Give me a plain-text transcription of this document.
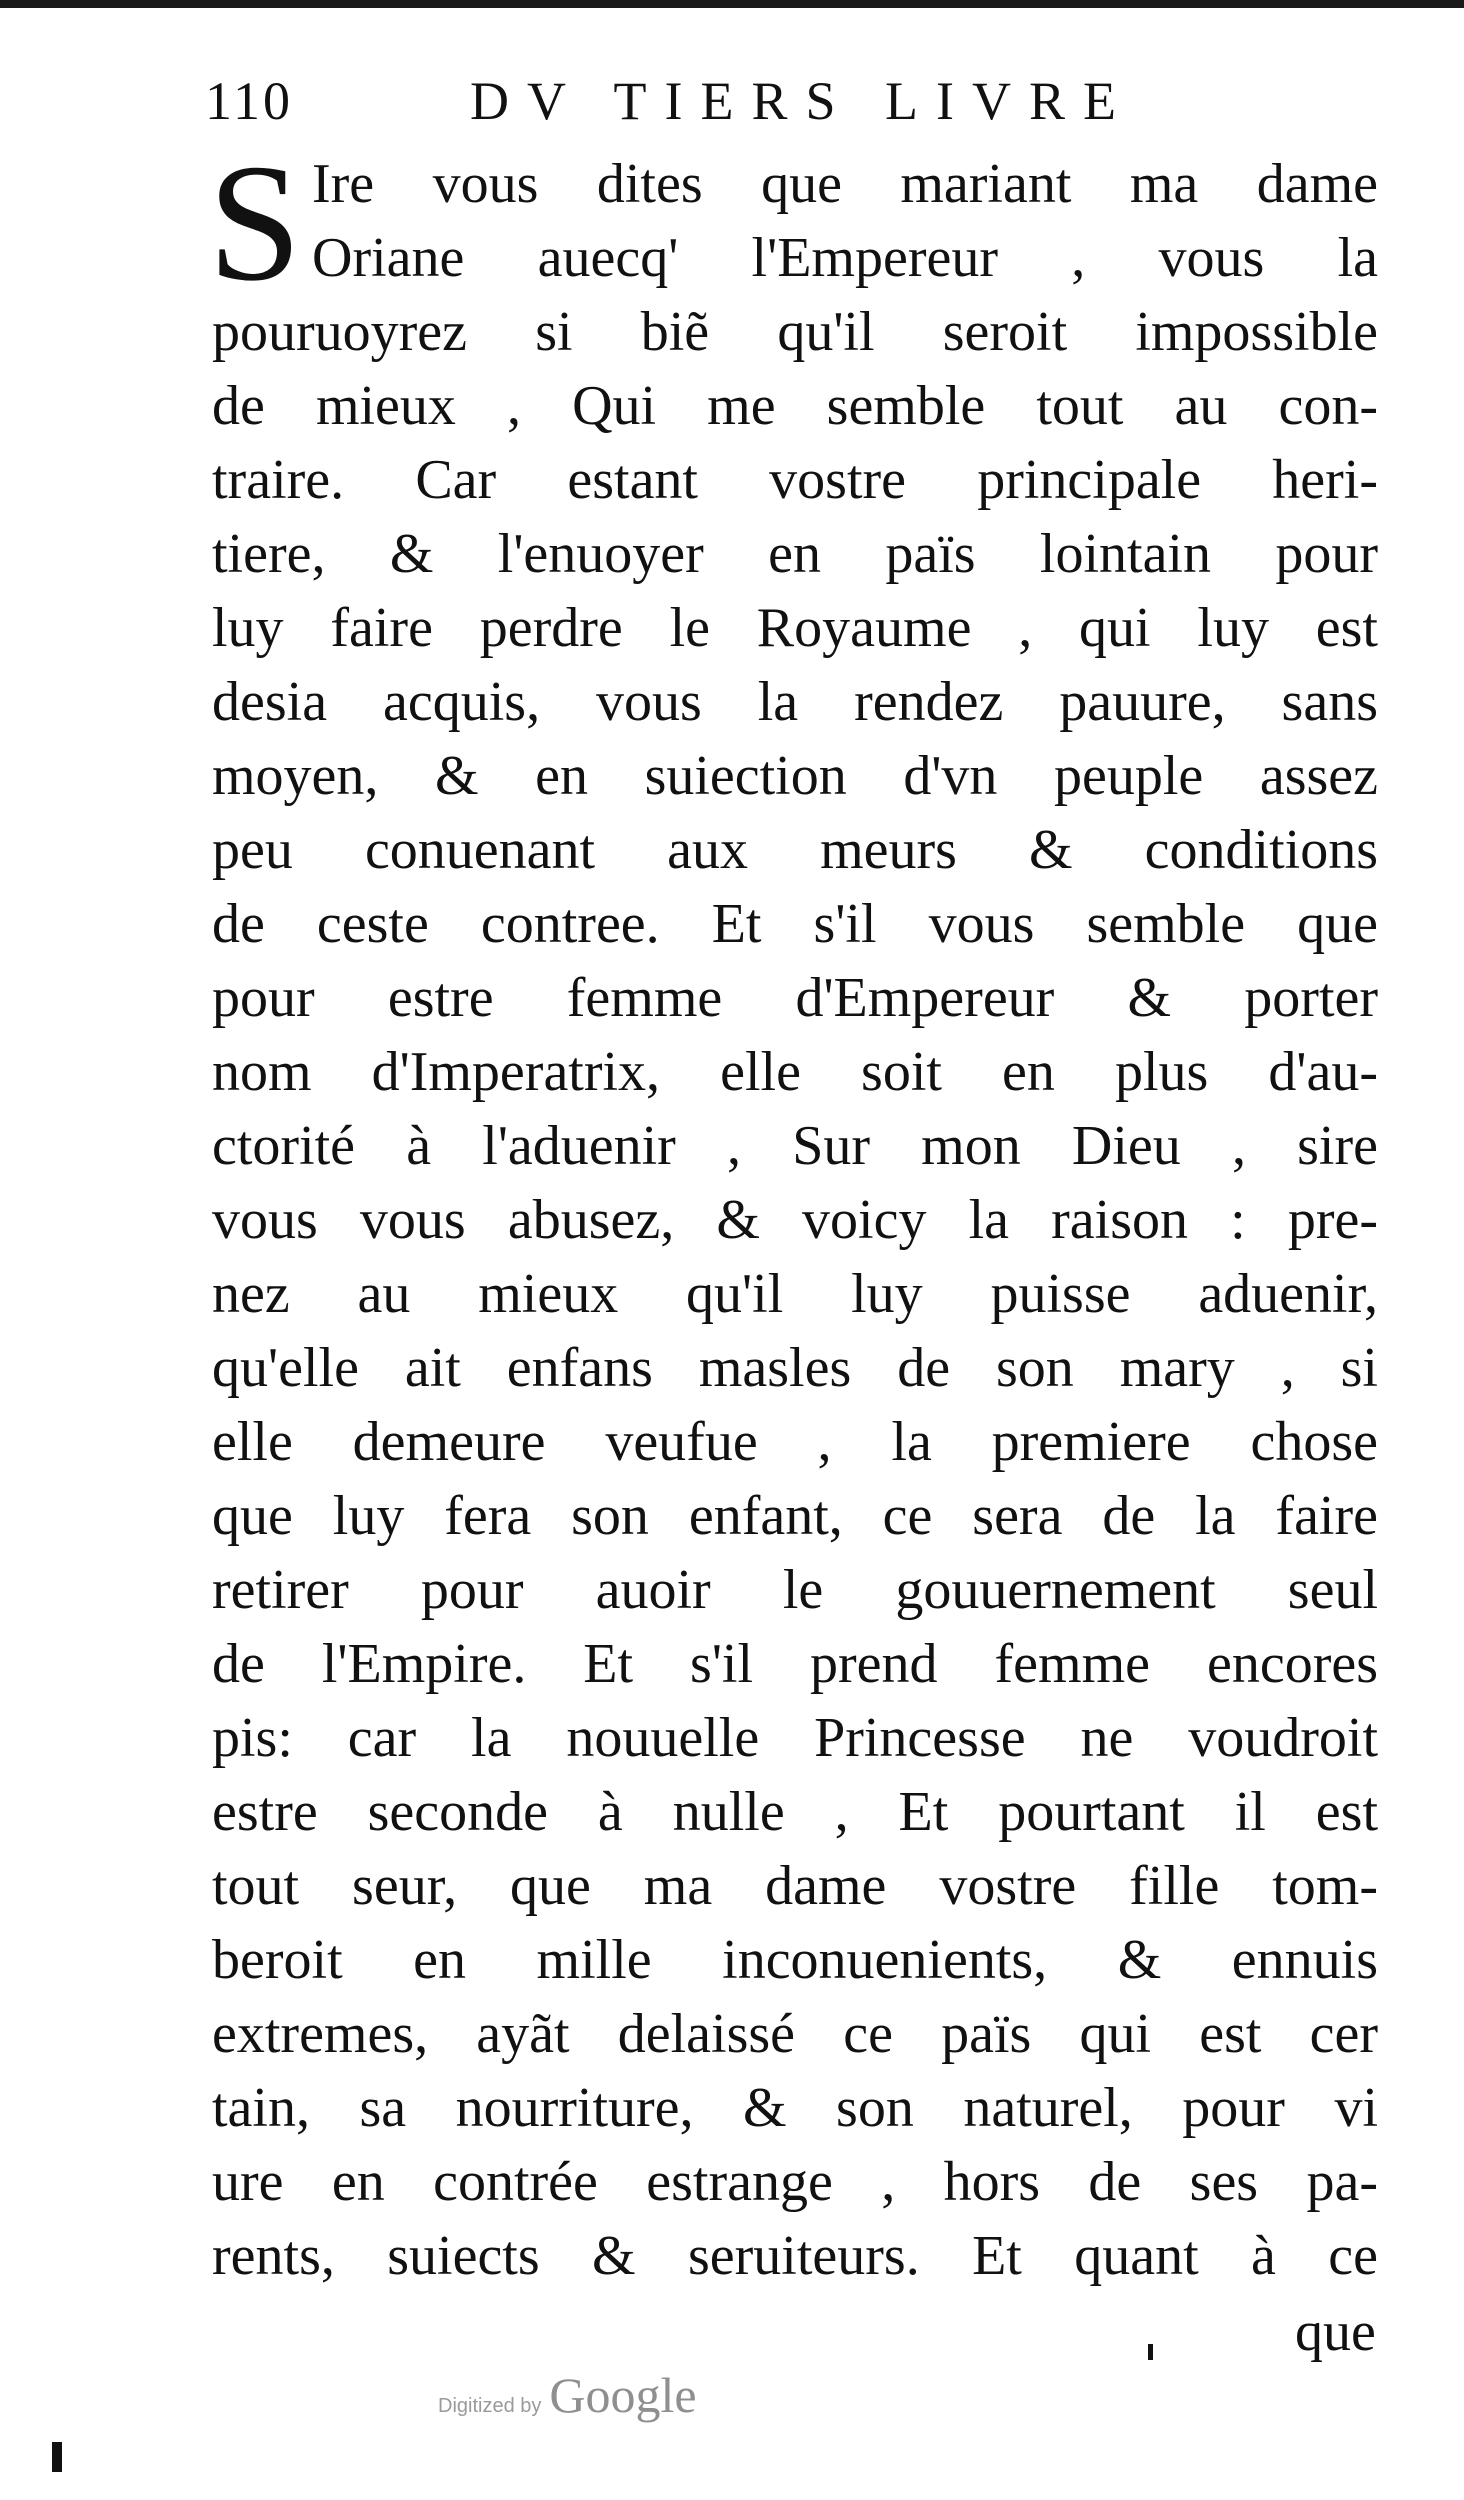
110	DV TIERS LIVRE
S Ire vous dites que mariant ma dame
Oriane auecq' l'Empereur , vous la
pouruoyrez si biẽ qu'il seroit impossible
de mieux , Qui me semble tout au con-
traire. Car estant vostre principale heri-
tiere, & l'enuoyer en païs lointain pour
luy faire perdre le Royaume , qui luy est
desia acquis, vous la rendez pauure, sans
moyen, & en suiection d'vn peuple assez
peu conuenant aux meurs & conditions
de ceste contree. Et s'il vous semble que
pour estre femme d'Empereur & porter
nom d'Imperatrix, elle soit en plus d'au-
ctorité à l'aduenir , Sur mon Dieu , sire
vous vous abusez, & voicy la raison : pre-
nez au mieux qu'il luy puisse aduenir,
qu'elle ait enfans masles de son mary , si
elle demeure veufue , la premiere chose
que luy fera son enfant, ce sera de la faire
retirer pour auoir le gouuernement seul
de l'Empire. Et s'il prend femme encores
pis: car la nouuelle Princesse ne voudroit
estre seconde à nulle , Et pourtant il est
tout seur, que ma dame vostre fille tom-
beroit en mille inconuenients, & ennuis
extremes, ayãt delaissé ce païs qui est cer
tain, sa nourriture, & son naturel, pour vi
ure en contrée estrange , hors de ses pa-
rents, suiects & seruiteurs. Et quant à ce
que
Digitized by Google
